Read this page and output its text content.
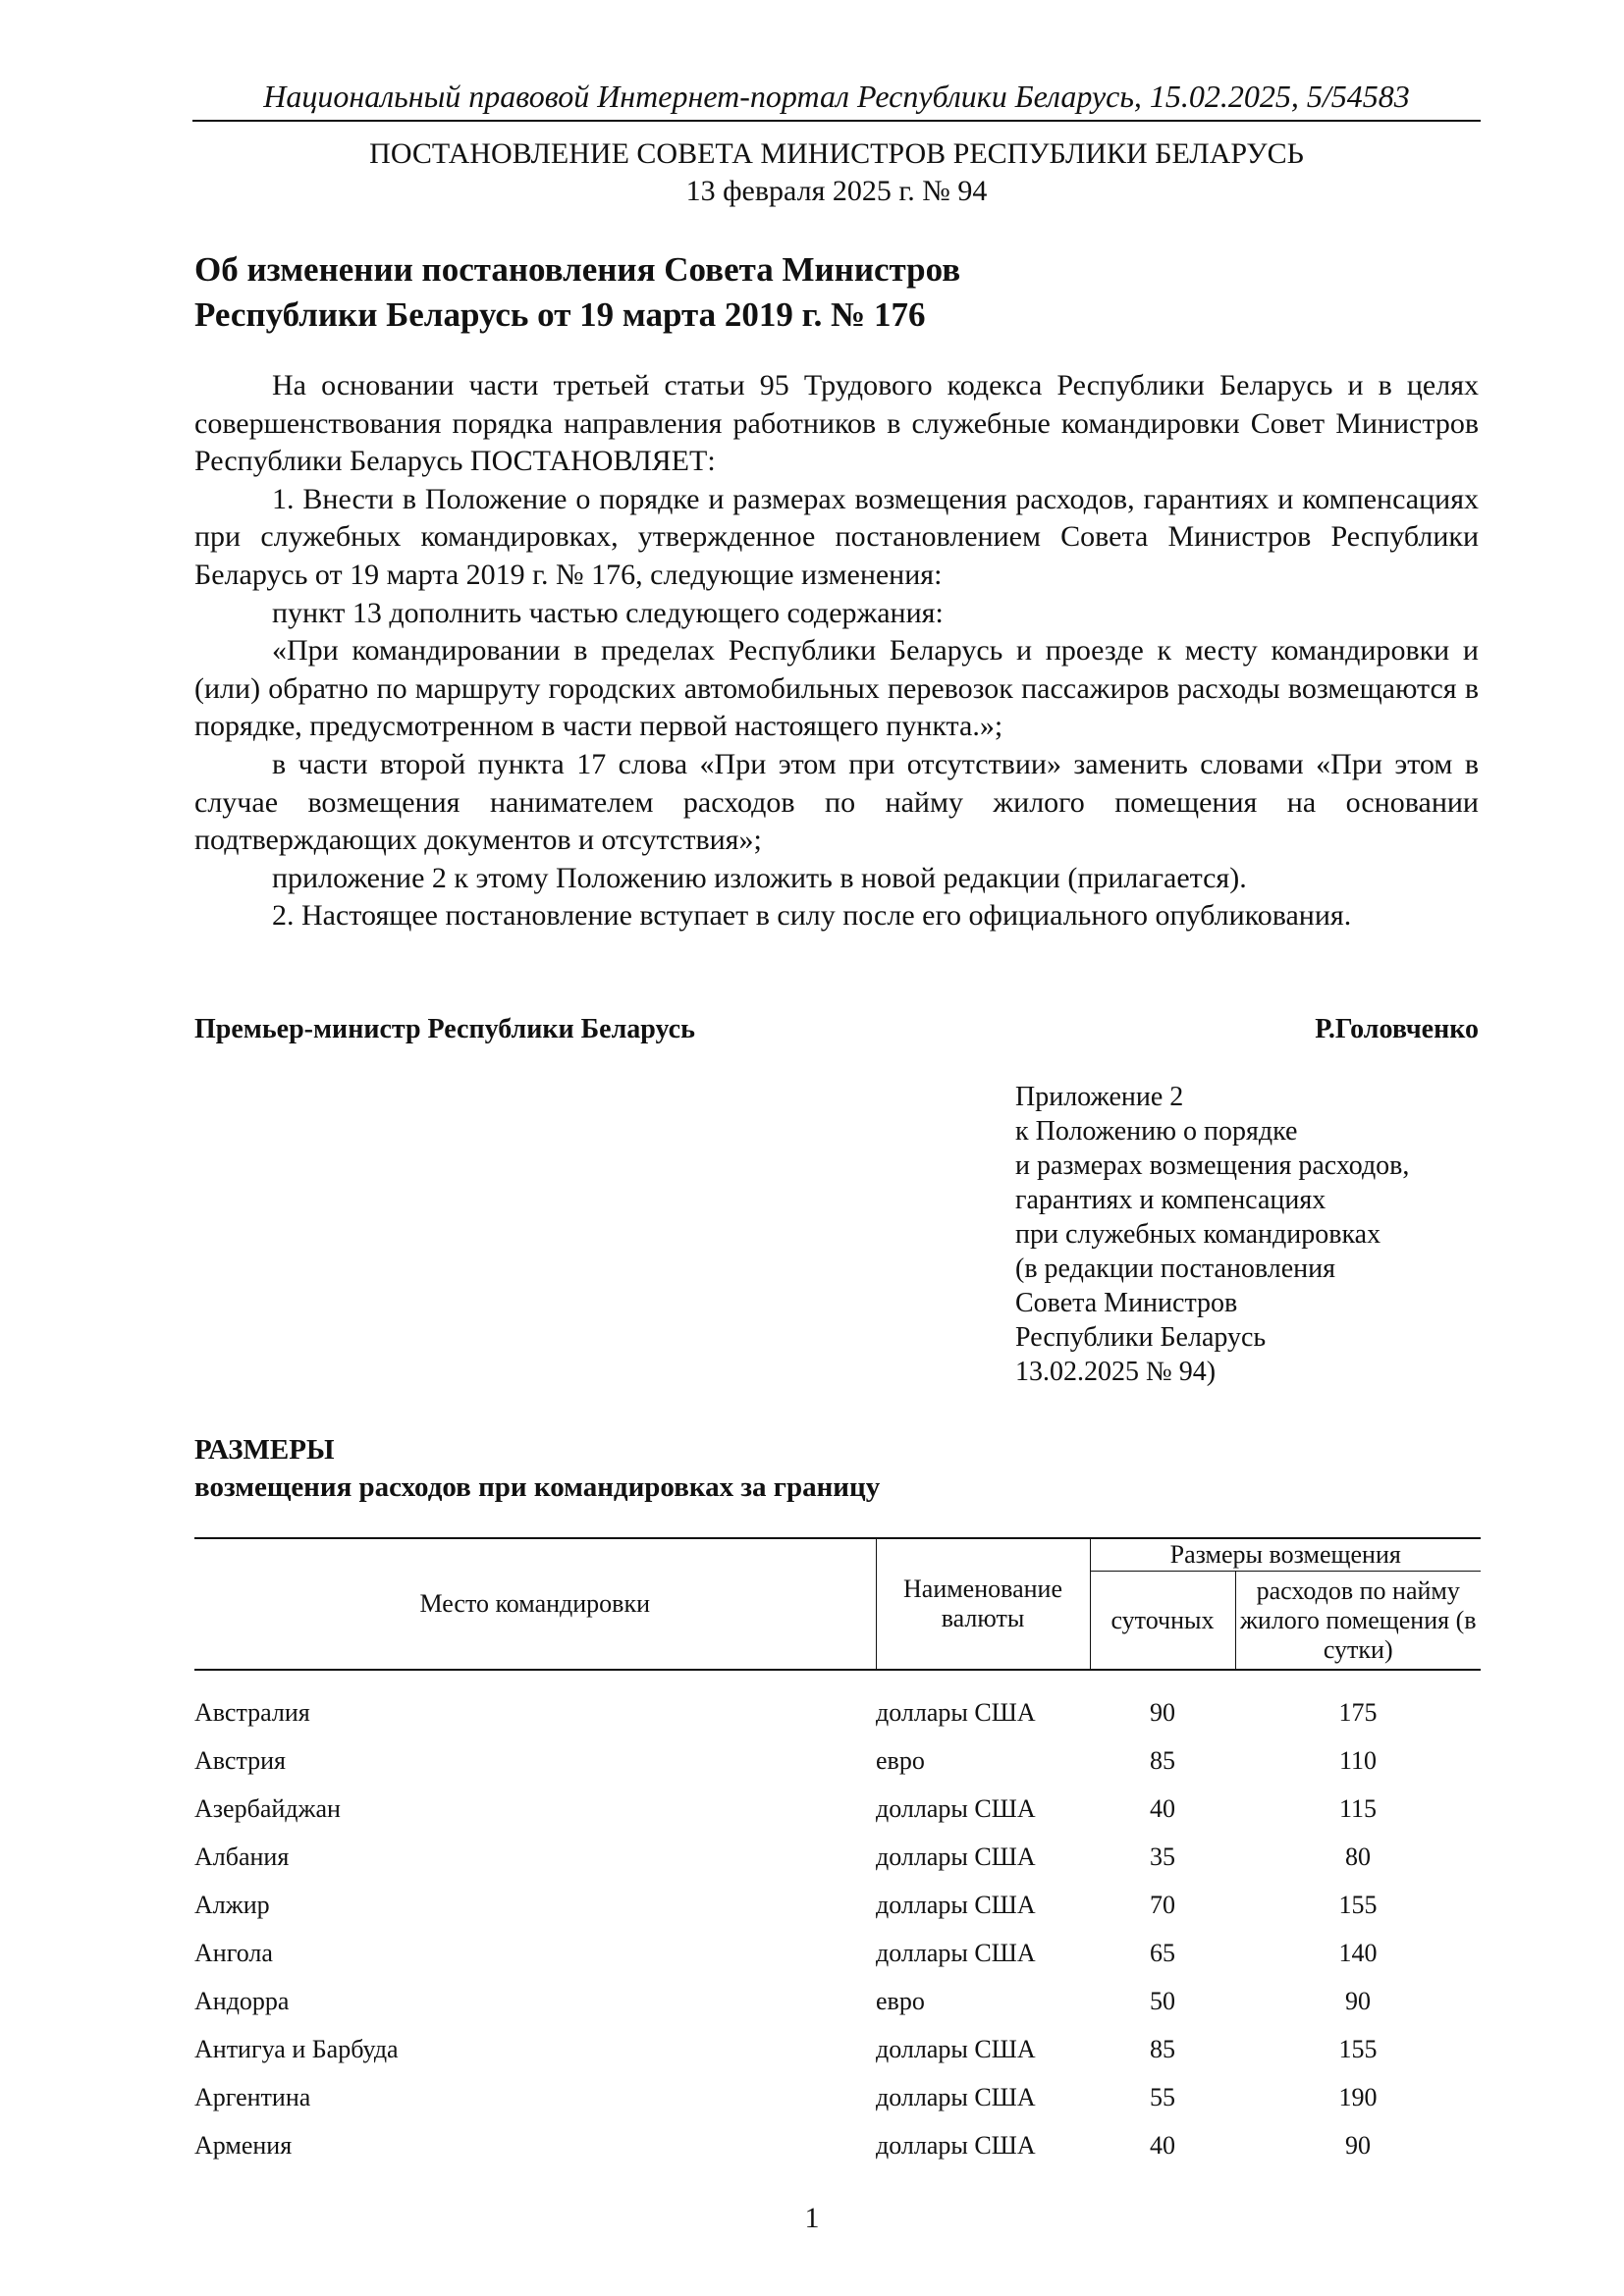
Национальный правовой Интернет-портал Республики Беларусь, 15.02.2025, 5/54583
ПОСТАНОВЛЕНИЕ СОВЕТА МИНИСТРОВ РЕСПУБЛИКИ БЕЛАРУСЬ
13 февраля 2025 г. № 94
Об изменении постановления Совета Министров
Республики Беларусь от 19 марта 2019 г. № 176

На основании части третьей статьи 95 Трудового кодекса Республики Беларусь и в целях совершенствования порядка направления работников в служебные командировки Совет Министров Республики Беларусь ПОСТАНОВЛЯЕТ:

1. Внести в Положение о порядке и размерах возмещения расходов, гарантиях и компенсациях при служебных командировках, утвержденное постановлением Совета Министров Республики Беларусь от 19 марта 2019 г. № 176, следующие изменения:

пункт 13 дополнить частью следующего содержания:

«При командировании в пределах Республики Беларусь и проезде к месту командировки и (или) обратно по маршруту городских автомобильных перевозок пассажиров расходы возмещаются в порядке, предусмотренном в части первой настоящего пункта.»;

в части второй пункта 17 слова «При этом при отсутствии» заменить словами «При этом в случае возмещения нанимателем расходов по найму жилого помещения на основании подтверждающих документов и отсутствия»;

приложение 2 к этому Положению изложить в новой редакции (прилагается).

2. Настоящее постановление вступает в силу после его официального опубликования.

Премьер-министр Республики Беларусь	Р.Головченко
Приложение 2
к Положению о порядке
и размерах возмещения расходов,
гарантиях и компенсациях
при служебных командировках
(в редакции постановления
Совета Министров
Республики Беларусь
13.02.2025 № 94)
РАЗМЕРЫ
возмещения расходов при командировках за границу
Место командировки	Наименование валюты	Размеры возмещения	
		суточных	расходов по найму жилого помещения (в сутки)
Австралия	доллары США	90	175
Австрия	евро	85	110
Азербайджан	доллары США	40	115
Албания	доллары США	35	80
Алжир	доллары США	70	155
Ангола	доллары США	65	140
Андорра	евро	50	90
Антигуа и Барбуда	доллары США	85	155
Аргентина	доллары США	55	190
Армения	доллары США	40	90
1
